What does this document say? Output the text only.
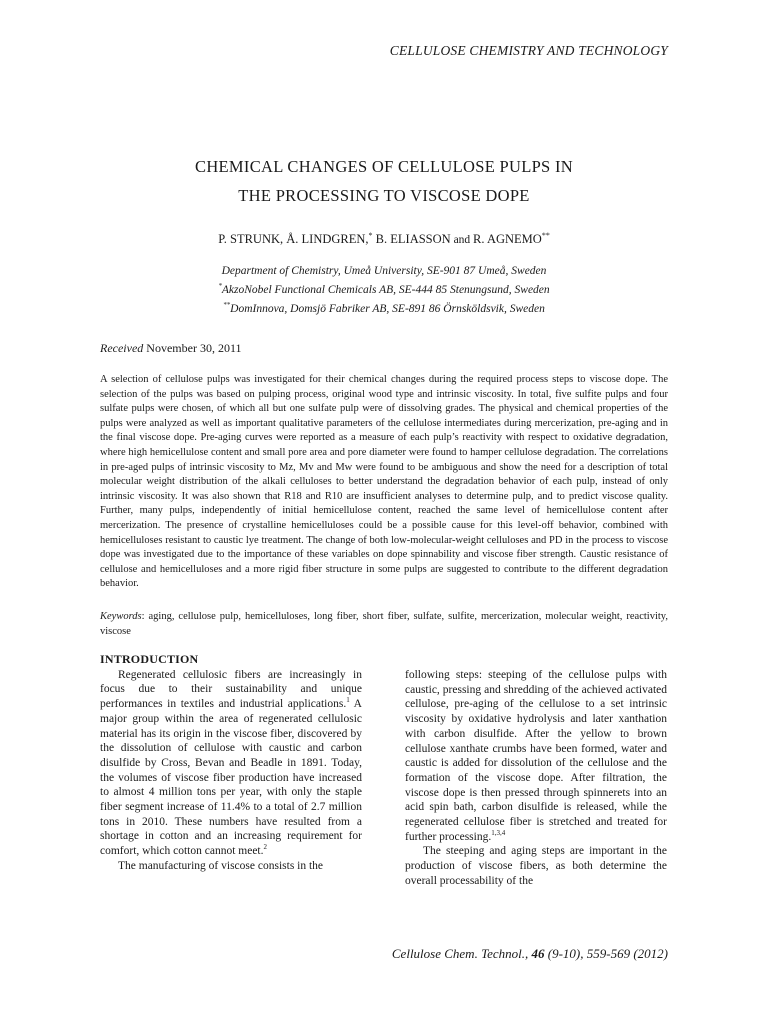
CELLULOSE CHEMISTRY AND TECHNOLOGY
CHEMICAL CHANGES OF CELLULOSE PULPS IN
THE PROCESSING TO VISCOSE DOPE
P. STRUNK, Å. LINDGREN,* B. ELIASSON and R. AGNEMO**
Department of Chemistry, Umeå University, SE-901 87 Umeå, Sweden
*AkzoNobel Functional Chemicals AB, SE-444 85 Stenungsund, Sweden
**DomInnova, Domsjö Fabriker AB, SE-891 86 Örnsköldsvik, Sweden
Received November 30, 2011
A selection of cellulose pulps was investigated for their chemical changes during the required process steps to viscose dope. The selection of the pulps was based on pulping process, original wood type and intrinsic viscosity. In total, five sulfite pulps and four sulfate pulps were chosen, of which all but one sulfate pulp were of dissolving grades. The physical and chemical properties of the pulps were analyzed as well as important qualitative parameters of the cellulose intermediates during mercerization, pre-aging and in the final viscose dope. Pre-aging curves were reported as a measure of each pulp’s reactivity with respect to oxidative degradation, where high hemicellulose content and small pore area and pore diameter were found to hamper cellulose degradation. The correlations in pre-aged pulps of intrinsic viscosity to Mz, Mv and Mw were found to be ambiguous and show the need for a description of total molecular weight distribution of the alkali celluloses to better understand the degradation behavior of each pulp, instead of only intrinsic viscosity. It was also shown that R18 and R10 are insufficient analyses to determine pulp, and to predict viscose quality. Further, many pulps, independently of initial hemicellulose content, reached the same level of hemicellulose content after mercerization. The presence of crystalline hemicelluloses could be a possible cause for this level-off behavior, combined with hemicelluloses resistant to caustic lye treatment. The change of both low-molecular-weight celluloses and PD in the process to viscose dope was investigated due to the importance of these variables on dope spinnability and viscose fiber strength. Caustic resistance of cellulose and hemicelluloses and a more rigid fiber structure in some pulps are suggested to contribute to the different degradation behavior.
Keywords: aging, cellulose pulp, hemicelluloses, long fiber, short fiber, sulfate, sulfite, mercerization, molecular weight, reactivity, viscose
INTRODUCTION

Regenerated cellulosic fibers are increasingly in focus due to their sustainability and unique performances in textiles and industrial applications.$^1$ A major group within the area of regenerated cellulosic material has its origin in the viscose fiber, discovered by the dissolution of cellulose with caustic and carbon disulfide by Cross, Bevan and Beadle in 1891. Today, the volumes of viscose fiber production have increased to almost 4 million tons per year, with only the staple fiber segment increase of 11.4% to a total of 2.7 million tons in 2010. These numbers have resulted from a shortage in cotton and an increasing requirement for comfort, which cotton cannot meet.$^2$

The manufacturing of viscose consists in the

following steps: steeping of the cellulose pulps with caustic, pressing and shredding of the achieved activated cellulose, pre-aging of the cellulose to a set intrinsic viscosity by oxidative hydrolysis and later xanthation with carbon disulfide. After the yellow to brown cellulose xanthate crumbs have been formed, water and caustic is added for dissolution of the cellulose and the formation of the viscose dope. After filtration, the viscose dope is then pressed through spinnerets into an acid spin bath, carbon disulfide is released, while the regenerated cellulose fiber is stretched and treated for further processing.$^{1,3,4}$

The steeping and aging steps are important in the production of viscose fibers, as both determine the overall processability of the

Cellulose Chem. Technol., 46 (9-10), 559-569 (2012)
